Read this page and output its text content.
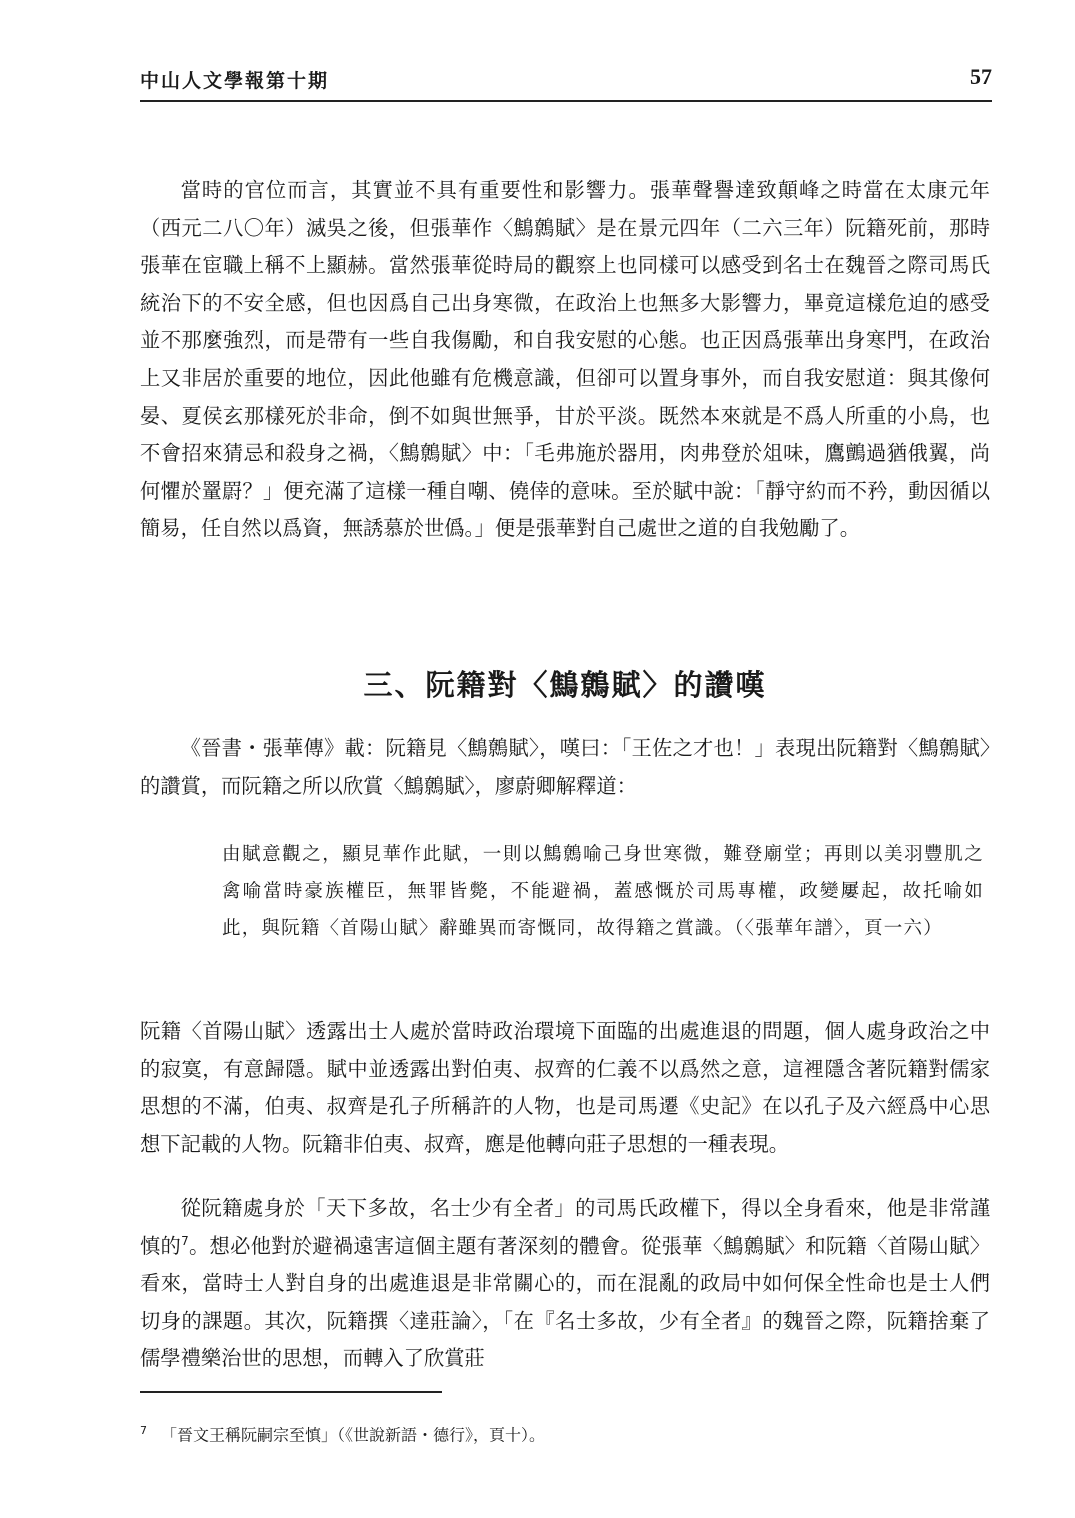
中山人文學報第十期	57

當時的官位而言，其實並不具有重要性和影響力。張華聲譽達致顛峰之時當在太康元年（西元二八〇年）滅吳之後，但張華作〈鷦鷯賦〉是在景元四年（二六三年）阮籍死前，那時張華在宦職上稱不上顯赫。當然張華從時局的觀察上也同樣可以感受到名士在魏晉之際司馬氏統治下的不安全感，但也因爲自己出身寒微，在政治上也無多大影響力，畢竟這樣危迫的感受並不那麼強烈，而是帶有一些自我傷勵，和自我安慰的心態。也正因爲張華出身寒門，在政治上又非居於重要的地位，因此他雖有危機意識，但卻可以置身事外，而自我安慰道：與其像何晏、夏侯玄那樣死於非命，倒不如與世無爭，甘於平淡。既然本來就是不爲人所重的小鳥，也不會招來猜忌和殺身之禍，〈鷦鷯賦〉中：「毛弗施於器用，肉弗登於俎味，鷹鸇過猶俄翼，尚何懼於罿罻？」便充滿了這樣一種自嘲、僥倖的意味。至於賦中說：「靜守約而不矜，動因循以簡易，任自然以爲資，無誘慕於世僞。」便是張華對自己處世之道的自我勉勵了。

三、阮籍對〈鷦鷯賦〉的讚嘆

《晉書・張華傳》載：阮籍見〈鷦鷯賦〉，嘆曰：「王佐之才也！」表現出阮籍對〈鷦鷯賦〉的讚賞，而阮籍之所以欣賞〈鷦鷯賦〉，廖蔚卿解釋道：

由賦意觀之，顯見華作此賦，一則以鷦鷯喻己身世寒微，難登廟堂；再則以美羽豐肌之禽喻當時豪族權臣，無罪皆斃，不能避禍，蓋感慨於司馬專權，政變屢起，故托喻如此，與阮籍〈首陽山賦〉辭雖異而寄慨同，故得籍之賞識。（〈張華年譜〉，頁一六）

阮籍〈首陽山賦〉透露出士人處於當時政治環境下面臨的出處進退的問題，個人處身政治之中的寂寞，有意歸隱。賦中並透露出對伯夷、叔齊的仁義不以爲然之意，這裡隱含著阮籍對儒家思想的不滿，伯夷、叔齊是孔子所稱許的人物，也是司馬遷《史記》在以孔子及六經爲中心思想下記載的人物。阮籍非伯夷、叔齊，應是他轉向莊子思想的一種表現。

從阮籍處身於「天下多故，名士少有全者」的司馬氏政權下，得以全身看來，他是非常謹慎的$^7$。想必他對於避禍遠害這個主題有著深刻的體會。從張華〈鷦鷯賦〉和阮籍〈首陽山賦〉看來，當時士人對自身的出處進退是非常關心的，而在混亂的政局中如何保全性命也是士人們切身的課題。其次，阮籍撰〈達莊論〉，「在『名士多故，少有全者』的魏晉之際，阮籍捨棄了儒學禮樂治世的思想，而轉入了欣賞莊

$^7$ 「晉文王稱阮嗣宗至慎」（《世說新語・德行》，頁十）。
